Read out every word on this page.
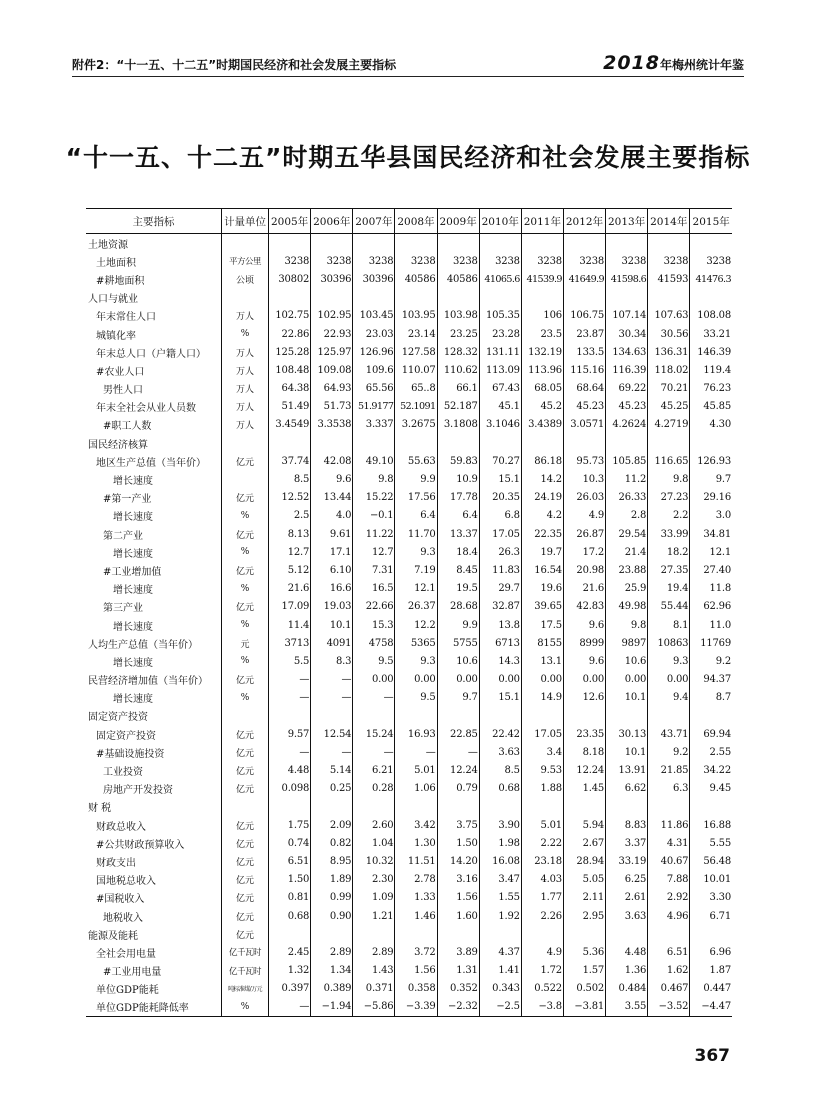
附件2：“十一五、十二五”时期国民经济和社会发展主要指标	2018年梅州统计年鉴
“十一五、十二五”时期五华县国民经济和社会发展主要指标
主要指标	计量单位	2005年	2006年	2007年	2008年	2009年	2010年	2011年	2012年	2013年	2014年	2015年
土地资源												
土地面积	平方公里	3238	3238	3238	3238	3238	3238	3238	3238	3238	3238	3238
#耕地面积	公顷	30802	30396	30396	40586	40586	41065.6	41539.9	41649.9	41598.6	41593	41476.3
人口与就业												
年末常住人口	万人	102.75	102.95	103.45	103.95	103.98	105.35	106	106.75	107.14	107.63	108.08
城镇化率	%	22.86	22.93	23.03	23.14	23.25	23.28	23.5	23.87	30.34	30.56	33.21
年末总人口（户籍人口）	万人	125.28	125.97	126.96	127.58	128.32	131.11	132.19	133.5	134.63	136.31	146.39
#农业人口	万人	108.48	109.08	109.6	110.07	110.62	113.09	113.96	115.16	116.39	118.02	119.4
男性人口	万人	64.38	64.93	65.56	65..8	66.1	67.43	68.05	68.64	69.22	70.21	76.23
年末全社会从业人员数	万人	51.49	51.73	51.9177	52.1091	52.187	45.1	45.2	45.23	45.23	45.25	45.85
#职工人数	万人	3.4549	3.3538	3.337	3.2675	3.1808	3.1046	3.4389	3.0571	4.2624	4.2719	4.30
国民经济核算												
地区生产总值（当年价）	亿元	37.74	42.08	49.10	55.63	59.83	70.27	86.18	95.73	105.85	116.65	126.93
增长速度		8.5	9.6	9.8	9.9	10.9	15.1	14.2	10.3	11.2	9.8	9.7
#第一产业	亿元	12.52	13.44	15.22	17.56	17.78	20.35	24.19	26.03	26.33	27.23	29.16
增长速度	%	2.5	4.0	−0.1	6.4	6.4	6.8	4.2	4.9	2.8	2.2	3.0
第二产业	亿元	8.13	9.61	11.22	11.70	13.37	17.05	22.35	26.87	29.54	33.99	34.81
增长速度	%	12.7	17.1	12.7	9.3	18.4	26.3	19.7	17.2	21.4	18.2	12.1
#工业增加值	亿元	5.12	6.10	7.31	7.19	8.45	11.83	16.54	20.98	23.88	27.35	27.40
增长速度	%	21.6	16.6	16.5	12.1	19.5	29.7	19.6	21.6	25.9	19.4	11.8
第三产业	亿元	17.09	19.03	22.66	26.37	28.68	32.87	39.65	42.83	49.98	55.44	62.96
增长速度	%	11.4	10.1	15.3	12.2	9.9	13.8	17.5	9.6	9.8	8.1	11.0
人均生产总值（当年价）	元	3713	4091	4758	5365	5755	6713	8155	8999	9897	10863	11769
增长速度	%	5.5	8.3	9.5	9.3	10.6	14.3	13.1	9.6	10.6	9.3	9.2
民营经济增加值（当年价）	亿元	—	—	0.00	0.00	0.00	0.00	0.00	0.00	0.00	0.00	94.37
增长速度	%	—	—	—	9.5	9.7	15.1	14.9	12.6	10.1	9.4	8.7
固定资产投资												
固定资产投资	亿元	9.57	12.54	15.24	16.93	22.85	22.42	17.05	23.35	30.13	43.71	69.94
#基础设施投资	亿元	—	—	—	—	—	3.63	3.4	8.18	10.1	9.2	2.55
工业投资	亿元	4.48	5.14	6.21	5.01	12.24	8.5	9.53	12.24	13.91	21.85	34.22
房地产开发投资	亿元	0.098	0.25	0.28	1.06	0.79	0.68	1.88	1.45	6.62	6.3	9.45
财 税												
财政总收入	亿元	1.75	2.09	2.60	3.42	3.75	3.90	5.01	5.94	8.83	11.86	16.88
#公共财政预算收入	亿元	0.74	0.82	1.04	1.30	1.50	1.98	2.22	2.67	3.37	4.31	5.55
财政支出	亿元	6.51	8.95	10.32	11.51	14.20	16.08	23.18	28.94	33.19	40.67	56.48
国地税总收入	亿元	1.50	1.89	2.30	2.78	3.16	3.47	4.03	5.05	6.25	7.88	10.01
#国税收入	亿元	0.81	0.99	1.09	1.33	1.56	1.55	1.77	2.11	2.61	2.92	3.30
地税收入	亿元	0.68	0.90	1.21	1.46	1.60	1.92	2.26	2.95	3.63	4.96	6.71
能源及能耗	亿元											
全社会用电量	亿千瓦时	2.45	2.89	2.89	3.72	3.89	4.37	4.9	5.36	4.48	6.51	6.96
#工业用电量	亿千瓦时	1.32	1.34	1.43	1.56	1.31	1.41	1.72	1.57	1.36	1.62	1.87
单位GDP能耗	吨标准煤/万元	0.397	0.389	0.371	0.358	0.352	0.343	0.522	0.502	0.484	0.467	0.447
单位GDP能耗降低率	%	—	−1.94	−5.86	−3.39	−2.32	−2.5	−3.8	−3.81	3.55	−3.52	−4.47
367
